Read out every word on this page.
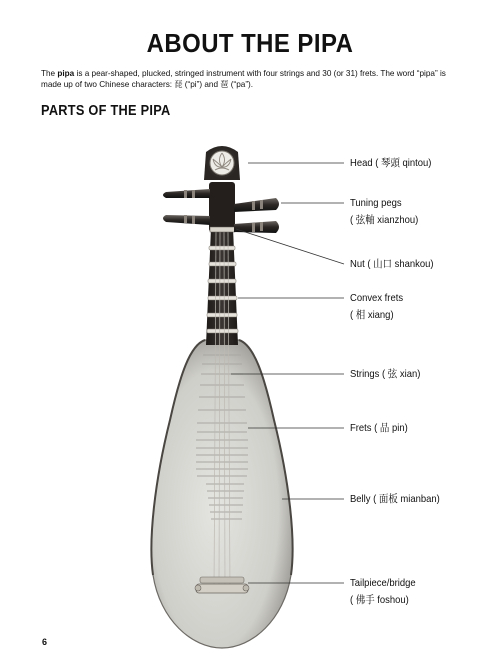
ABOUT THE PIPA
The pipa is a pear-shaped, plucked, stringed instrument with four strings and 30 (or 31) frets. The word “pipa” is made up of two Chinese characters: 琵 (“pi”) and 琶 (“pa”).
PARTS OF THE PIPA
Head ( 琴頭 qintou)
Tuning pegs
( 弦軸 xianzhou)
Nut ( 山口 shankou)
Convex frets
( 相 xiang)
Strings ( 弦 xian)
Frets ( 品 pin)
Belly ( 面板 mianban)
Tailpiece/bridge
( 佛手 foshou)
6
